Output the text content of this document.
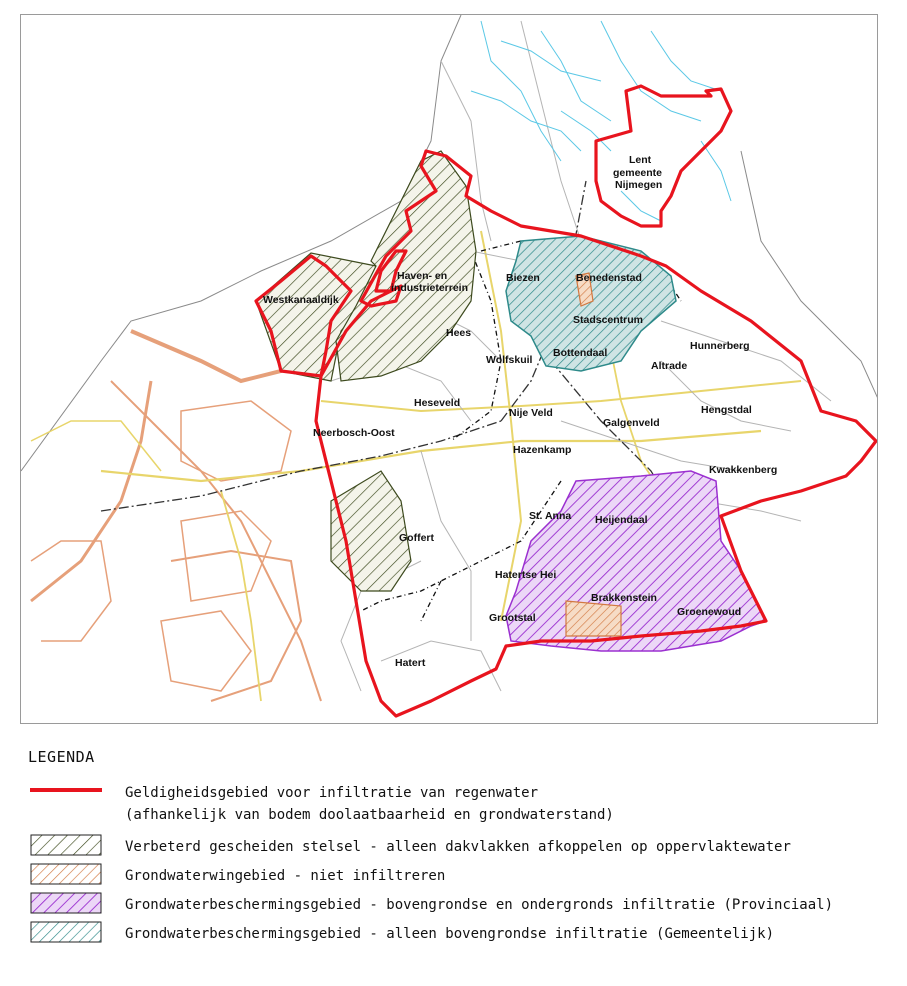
Lent
gemeente
Nijmegen
Haven- en
industrieterrein
Westkanaaldijk
Biezen	Benedenstad
Stadscentrum
Hees
Bottendaal
Hunnerberg
Wolfskuil	Altrade
Heseveld
Nije Veld
Galgenveld
Hengstdal
Neerbosch-Oost
Hazenkamp
Kwakkenberg
St. Anna Heijendaal
Goffert
Hatertse Hei
Brakkenstein
Grootstal	Groenewoud
Hatert
LEGENDA
Geldigheidsgebied voor infiltratie van regenwater
(afhankelijk van bodem doolaatbaarheid en grondwaterstand)
Verbeterd gescheiden stelsel - alleen dakvlakken afkoppelen op oppervlaktewater
Grondwaterwingebied - niet infiltreren
Grondwaterbeschermingsgebied - bovengrondse en ondergronds infiltratie (Provinciaal)
Grondwaterbeschermingsgebied - alleen bovengrondse infiltratie (Gemeentelijk)
